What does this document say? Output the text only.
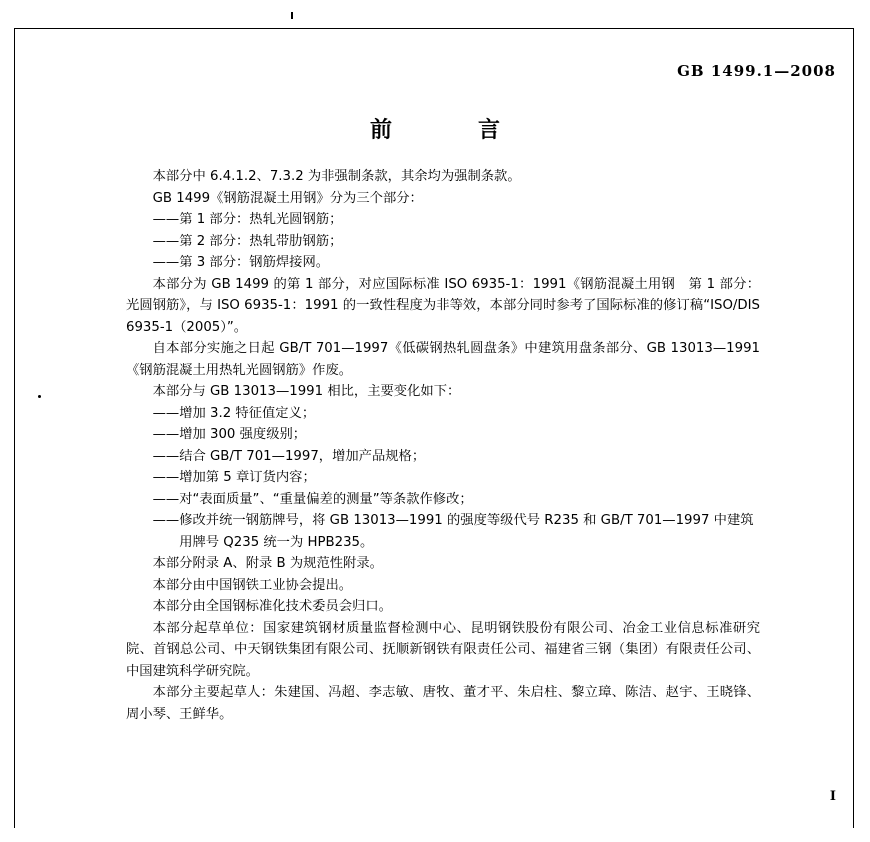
GB 1499.1—2008
前　　言

本部分中 6.4.1.2、7.3.2 为非强制条款，其余均为强制条款。

GB 1499《钢筋混凝土用钢》分为三个部分：

——第 1 部分：热轧光圆钢筋；

——第 2 部分：热轧带肋钢筋；

——第 3 部分：钢筋焊接网。

本部分为 GB 1499 的第 1 部分，对应国际标准 ISO 6935-1：1991《钢筋混凝土用钢　第 1 部分：光圆钢筋》，与 ISO 6935-1：1991 的一致性程度为非等效，本部分同时参考了国际标准的修订稿“ISO/DIS 6935-1（2005）”。

自本部分实施之日起 GB/T 701—1997《低碳钢热轧圆盘条》中建筑用盘条部分、GB 13013—1991《钢筋混凝土用热轧光圆钢筋》作废。

本部分与 GB 13013—1991 相比，主要变化如下：

——增加 3.2 特征值定义；

——增加 300 强度级别；

——结合 GB/T 701—1997，增加产品规格；

——增加第 5 章订货内容；

——对“表面质量”、“重量偏差的测量”等条款作修改；

——修改并统一钢筋牌号，将 GB 13013—1991 的强度等级代号 R235 和 GB/T 701—1997 中建筑

用牌号 Q235 统一为 HPB235。

本部分附录 A、附录 B 为规范性附录。

本部分由中国钢铁工业协会提出。

本部分由全国钢标准化技术委员会归口。

本部分起草单位：国家建筑钢材质量监督检测中心、昆明钢铁股份有限公司、冶金工业信息标准研究院、首钢总公司、中天钢铁集团有限公司、抚顺新钢铁有限责任公司、福建省三钢（集团）有限责任公司、中国建筑科学研究院。

本部分主要起草人：朱建国、冯超、李志敏、唐牧、董才平、朱启柱、黎立璋、陈洁、赵宇、王晓锋、周小琴、王鲜华。

I
